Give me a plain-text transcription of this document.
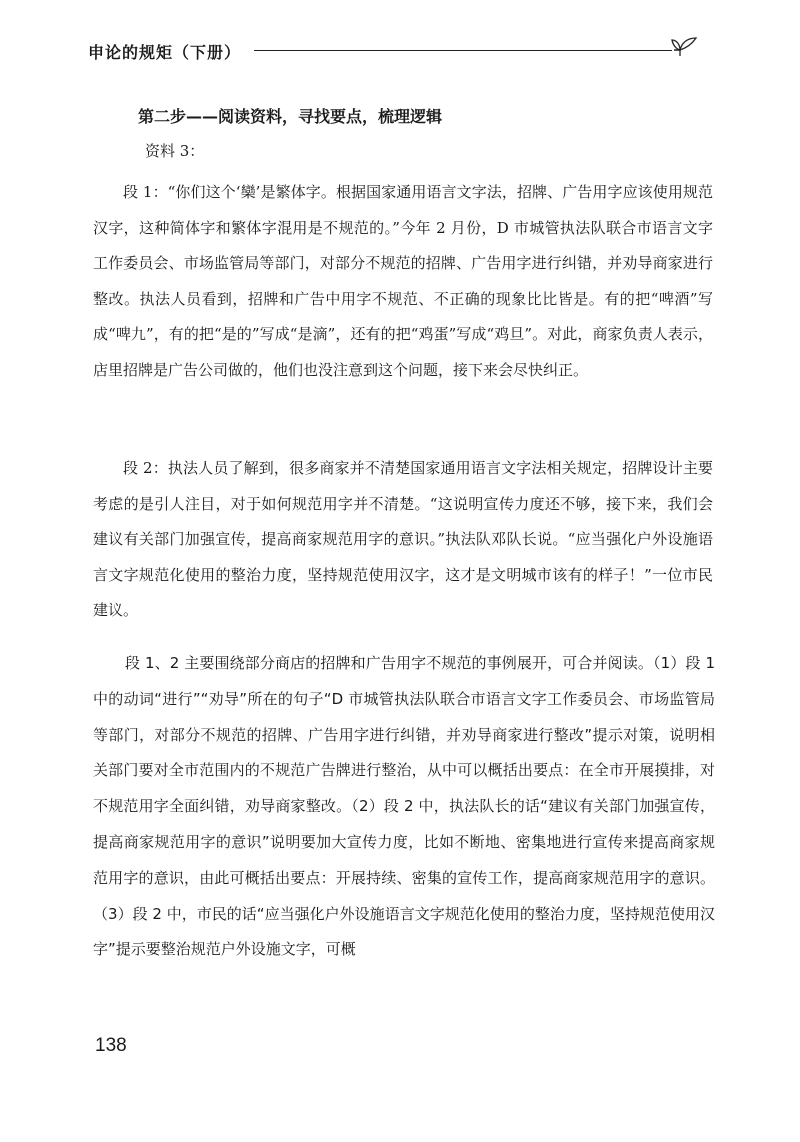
申论的规矩（下册）
第二步——阅读资料，寻找要点，梳理逻辑
资料 3：

段 1：“你们这个‘欒’是繁体字。根据国家通用语言文字法，招牌、广告用字应该使用规范汉字，这种简体字和繁体字混用是不规范的。”今年 2 月份，D 市城管执法队联合市语言文字工作委员会、市场监管局等部门，对部分不规范的招牌、广告用字进行纠错，并劝导商家进行整改。执法人员看到，招牌和广告中用字不规范、不正确的现象比比皆是。有的把“啤酒”写成“啤九”，有的把“是的”写成“是滴”，还有的把“鸡蛋”写成“鸡旦”。对此，商家负责人表示，店里招牌是广告公司做的，他们也没注意到这个问题，接下来会尽快纠正。

段 2：执法人员了解到，很多商家并不清楚国家通用语言文字法相关规定，招牌设计主要考虑的是引人注目，对于如何规范用字并不清楚。“这说明宣传力度还不够，接下来，我们会建议有关部门加强宣传，提高商家规范用字的意识。”执法队邓队长说。“应当强化户外设施语言文字规范化使用的整治力度，坚持规范使用汉字，这才是文明城市该有的样子！”一位市民建议。

段 1、2 主要围绕部分商店的招牌和广告用字不规范的事例展开，可合并阅读。（1）段 1 中的动词“进行”“劝导”所在的句子“D 市城管执法队联合市语言文字工作委员会、市场监管局等部门，对部分不规范的招牌、广告用字进行纠错，并劝导商家进行整改”提示对策，说明相关部门要对全市范围内的不规范广告牌进行整治，从中可以概括出要点：在全市开展摸排，对不规范用字全面纠错，劝导商家整改。（2）段 2 中，执法队长的话“建议有关部门加强宣传，提高商家规范用字的意识”说明要加大宣传力度，比如不断地、密集地进行宣传来提高商家规范用字的意识，由此可概括出要点：开展持续、密集的宣传工作，提高商家规范用字的意识。（3）段 2 中，市民的话“应当强化户外设施语言文字规范化使用的整治力度，坚持规范使用汉字”提示要整治规范户外设施文字，可概

138
